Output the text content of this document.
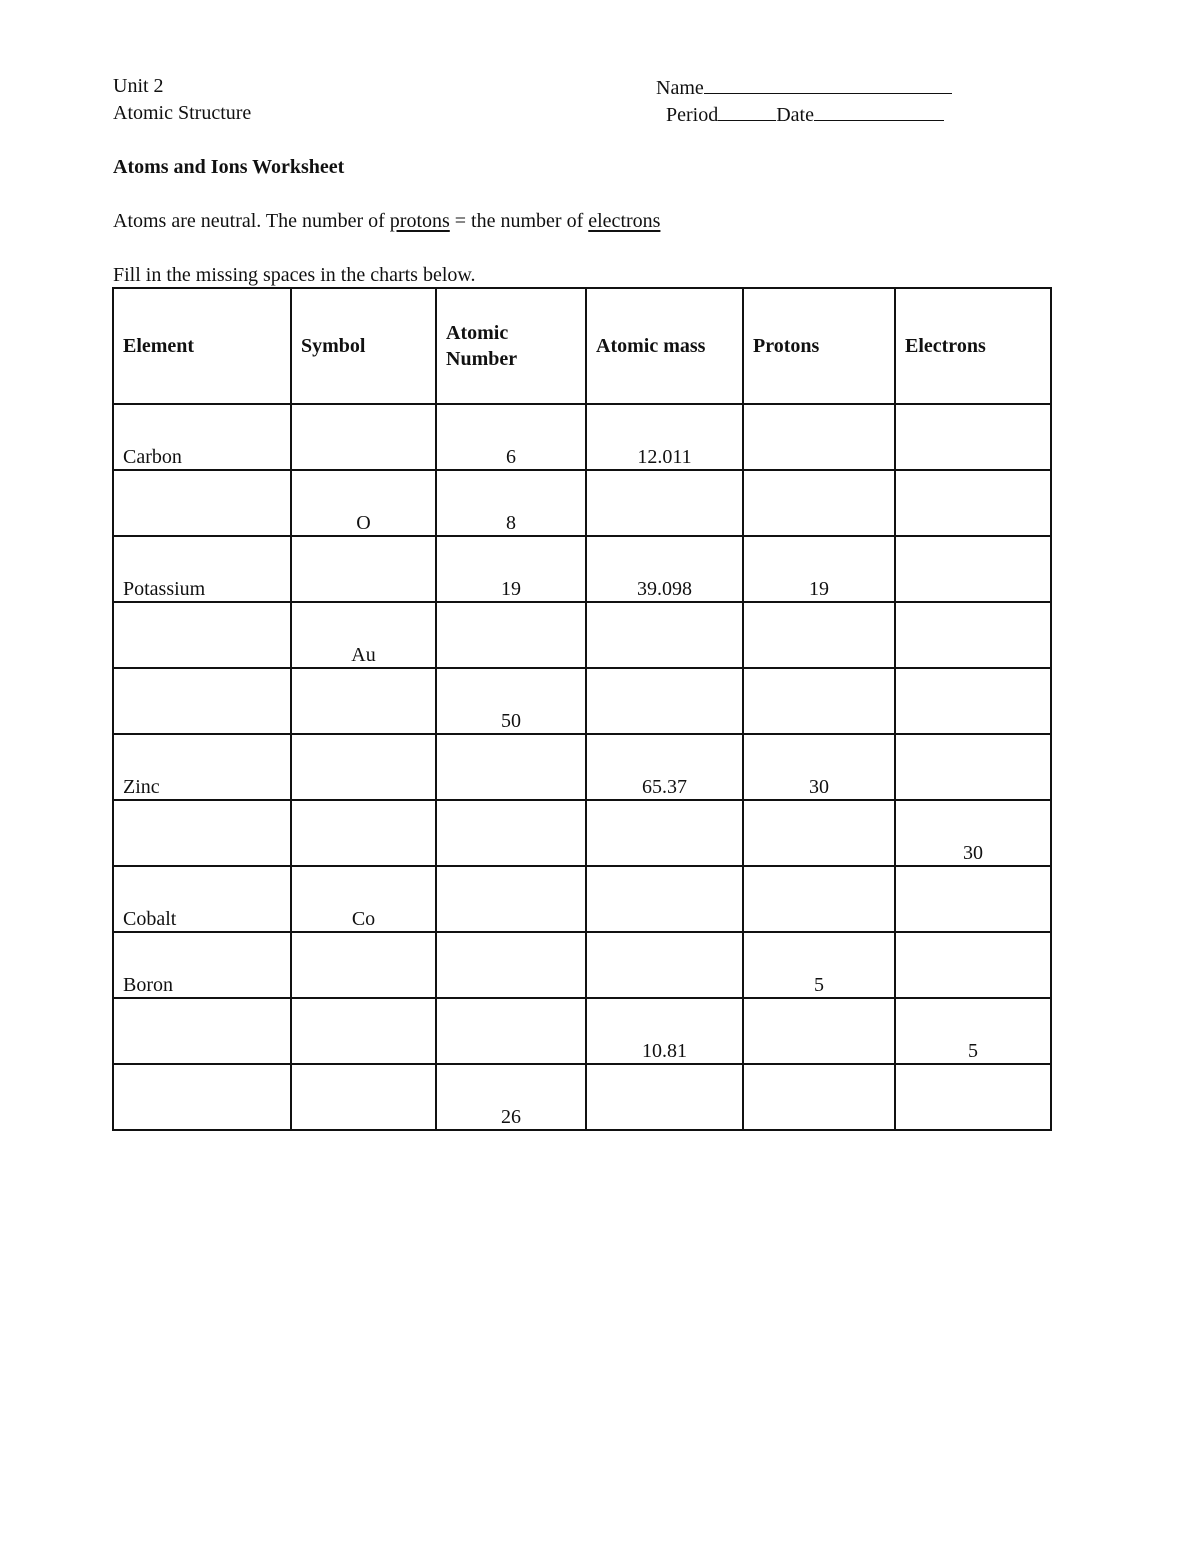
Unit 2
Atomic Structure
Name
Period	Date
Atoms and Ions Worksheet
Atoms are neutral. The number of protons = the number of electrons
Fill in the missing spaces in the charts below.
Element	Symbol	Atomic Number	Atomic mass	Protons	Electrons

Carbon		6	12.011		

	O	8			

Potassium		19	39.098	19	

	Au				

		50			

Zinc			65.37	30	

					30

Cobalt	Co				

Boron				5	

			10.81		5

		26			
